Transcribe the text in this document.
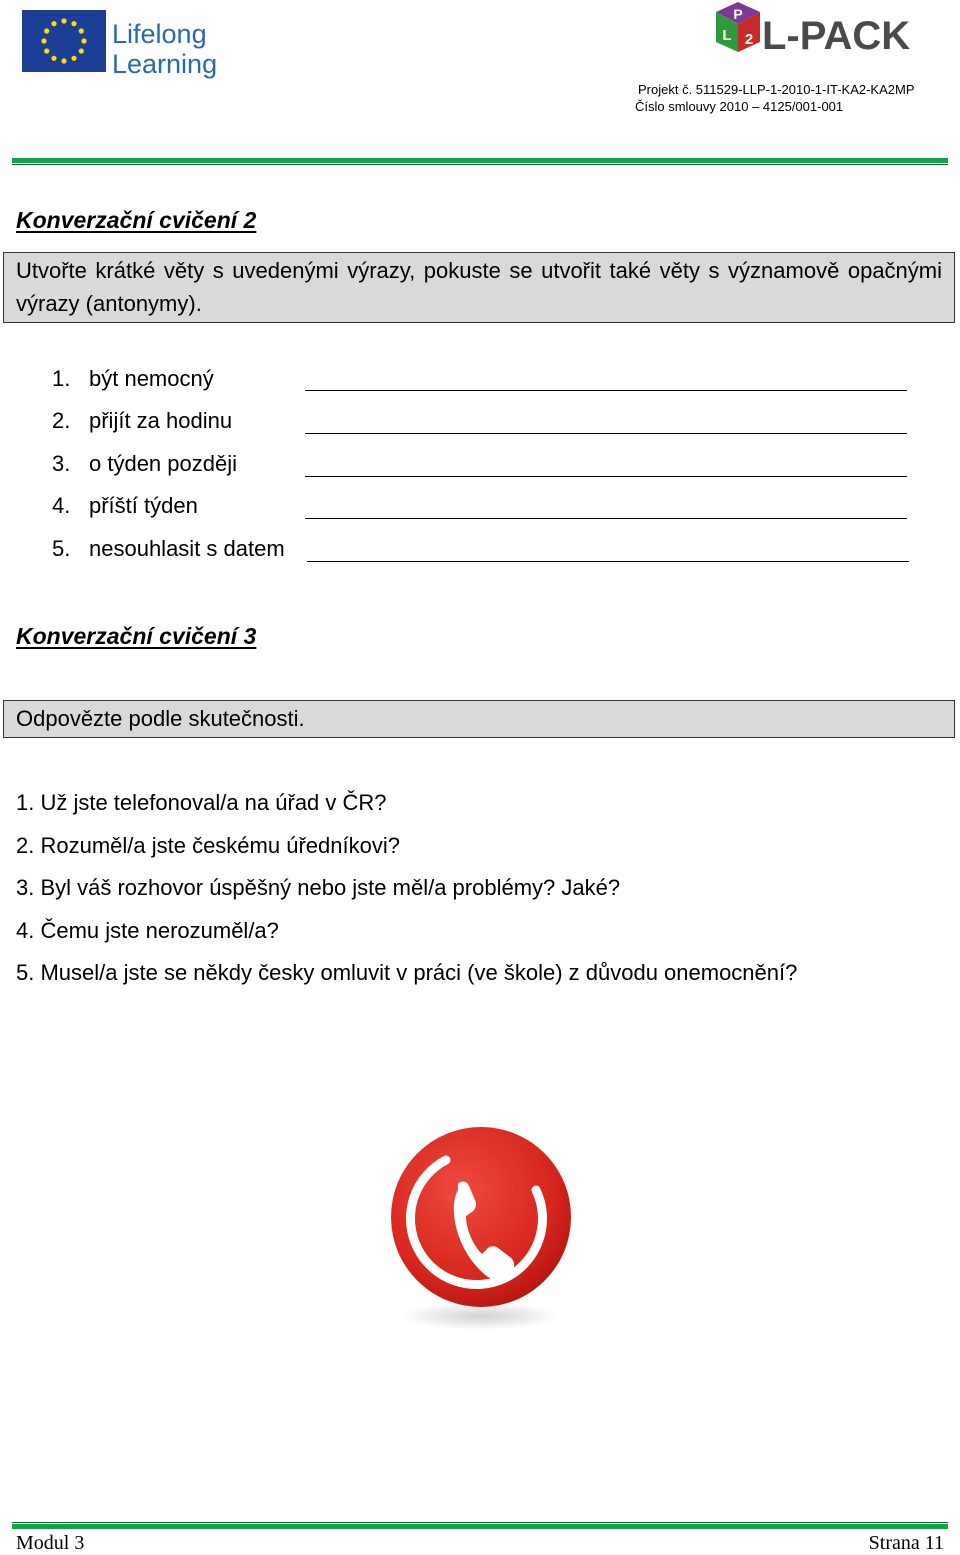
Lifelong
Learning
P
L 2 L-PACK
Projekt č. 511529-LLP-1-2010-1-IT-KA2-KA2MP
Číslo smlouvy 2010 – 4125/001-001
Konverzační cvičení 2
Utvořte krátké věty s uvedenými výrazy, pokuste se utvořit také věty s významově opačnými výrazy (antonymy).
1. být nemocný
2. přijít za hodinu
3. o týden později
4. příští týden
5. nesouhlasit s datem
Konverzační cvičení 3
Odpovězte podle skutečnosti.
1. Už jste telefonoval/a na úřad v ČR?
2. Rozuměl/a jste českému úředníkovi?
3. Byl váš rozhovor úspěšný nebo jste měl/a problémy? Jaké?
4. Čemu jste nerozuměl/a?
5. Musel/a jste se někdy česky omluvit v práci (ve škole) z důvodu onemocnění?
Modul 3	Strana 11
